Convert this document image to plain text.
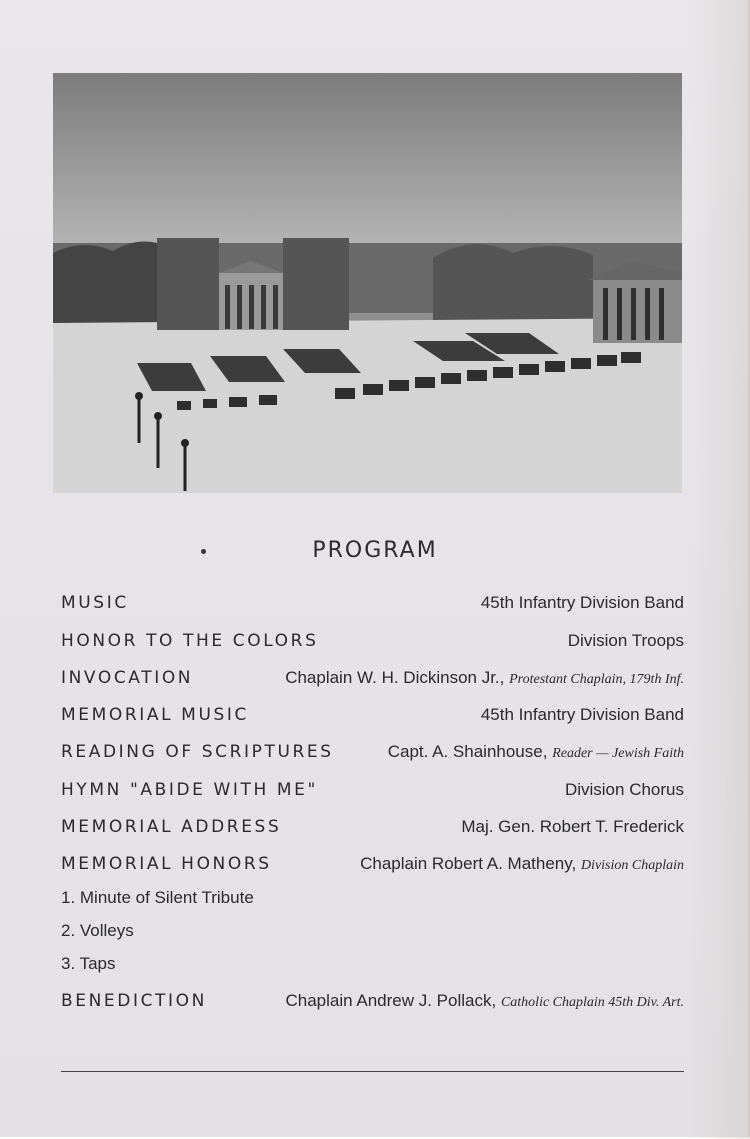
PROGRAM
MUSIC	45th Infantry Division Band
HONOR TO THE COLORS	Division Troops
INVOCATION	Chaplain W. H. Dickinson Jr., Protestant Chaplain, 179th Inf.
MEMORIAL MUSIC	45th Infantry Division Band
READING OF SCRIPTURES	Capt. A. Shainhouse, Reader — Jewish Faith
HYMN "ABIDE WITH ME"	Division Chorus
MEMORIAL ADDRESS	Maj. Gen. Robert T. Frederick
MEMORIAL HONORS	Chaplain Robert A. Matheny, Division Chaplain
1. Minute of Silent Tribute
2. Volleys
3. Taps
BENEDICTION	Chaplain Andrew J. Pollack, Catholic Chaplain 45th Div. Art.
